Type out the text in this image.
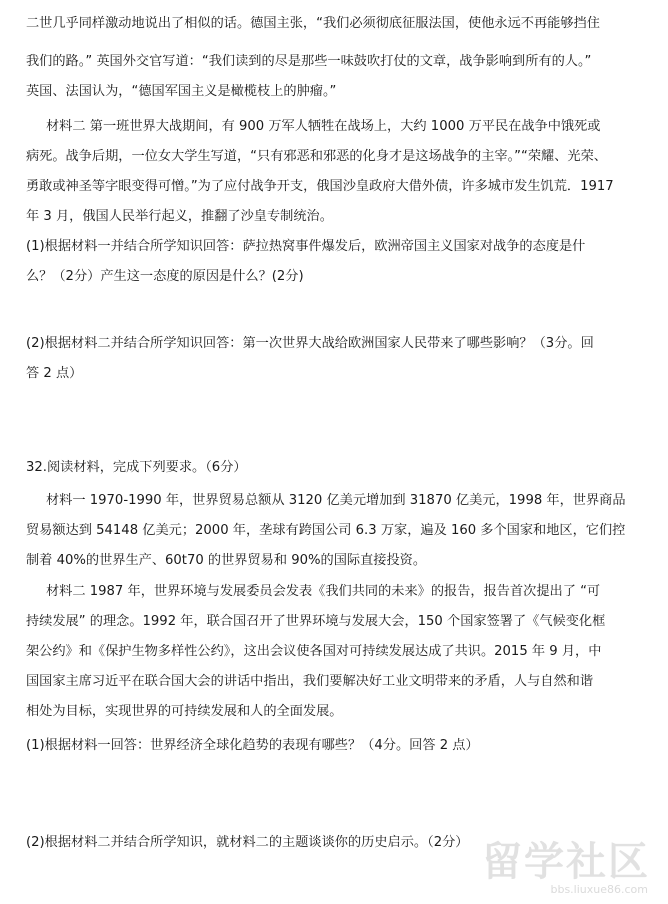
二世几乎同样激动地说出了相似的话。德国主张，“我们必须彻底征服法国，使他永远不再能够挡住
我们的路。” 英国外交官写道：“我们读到的尽是那些一味鼓吹打仗的文章，战争影响到所有的人。”
英国、法国认为，“德国军国主义是橄榄枝上的肿瘤。”
材料二 第一班世界大战期间，有 900 万军人牺牲在战场上，大约 1000 万平民在战争中饿死或
病死。战争后期，一位女大学生写道，“只有邪恶和邪恶的化身才是这场战争的主宰。”“荣耀、光荣、
勇敢或神圣等字眼变得可憎。”为了应付战争开支，俄国沙皇政府大借外债，许多城市发生饥荒．1917
年 3 月，俄国人民举行起义，推翻了沙皇专制统治。
(1)根据材料一并结合所学知识回答：萨拉热窝事件爆发后，欧洲帝国主义国家对战争的态度是什
么？（2分）产生这一态度的原因是什么？(2分)
(2)根据材料二并结合所学知识回答：第一次世界大战给欧洲国家人民带来了哪些影响？（3分。回
答 2 点）
32.阅读材料，完成下列要求。（6分）
材料一 1970-1990 年，世界贸易总额从 3120 亿美元增加到 31870 亿美元，1998 年，世界商品
贸易额达到 54148 亿美元；2000 年，垄球有跨国公司 6.3 万家，遍及 160 多个国家和地区，它们控
制着 40%的世界生产、60t70 的世界贸易和 90%的国际直接投资。
材料二 1987 年，世界环境与发展委员会发表《我们共同的未来》的报告，报告首次提出了 “可
持续发展” 的理念。1992 年，联合国召开了世界环境与发展大会，150 个国家签署了《气候变化框
架公约》和《保护生物多样性公约》，这出会议使各国对可持续发展达成了共识。2015 年 9 月，中
国国家主席习近平在联合国大会的讲话中指出，我们要解决好工业文明带来的矛盾，人与自然和谐
相处为目标，实现世界的可持续发展和人的全面发展。
(1)根据材料一回答：世界经济全球化趋势的表现有哪些？（4分。回答 2 点）
(2)根据材料二并结合所学知识，就材料二的主题谈谈你的历史启示。（2分） 留学社区
bbs.liuxue86.com
